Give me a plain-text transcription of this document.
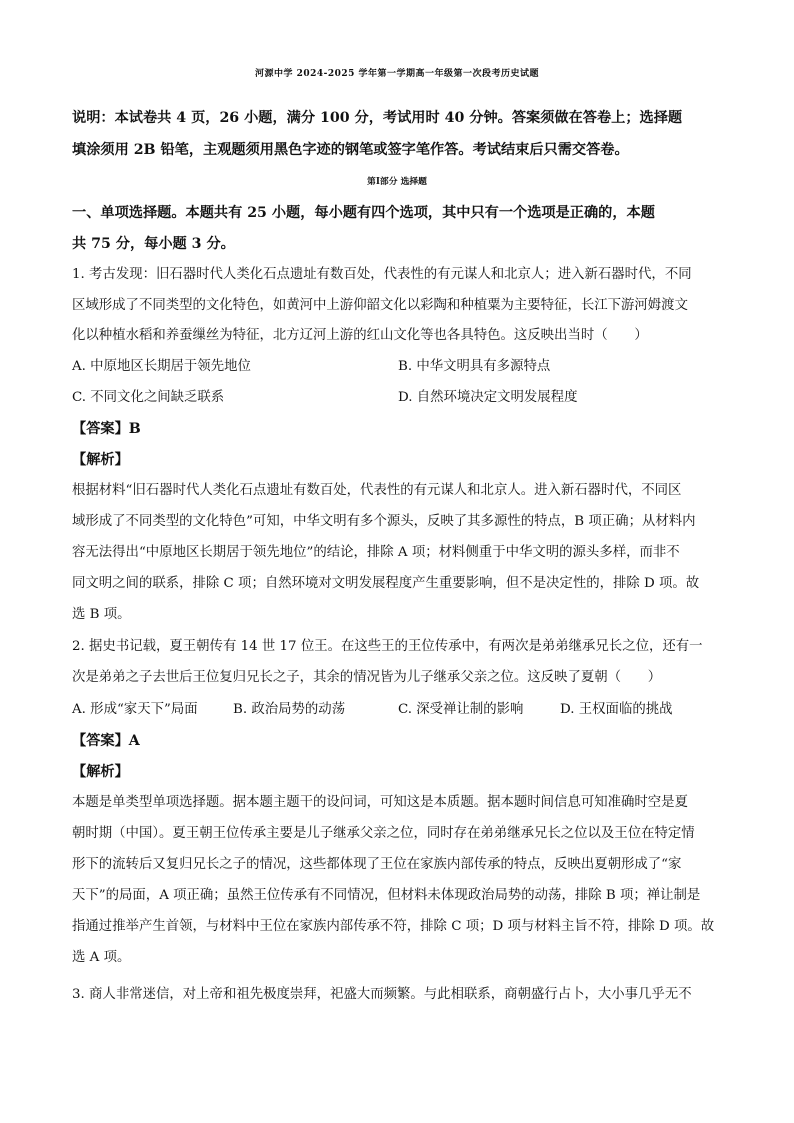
河源中学 2024-2025 学年第一学期高一年级第一次段考历史试题
说明：本试卷共 4 页，26 小题，满分 100 分，考试用时 40 分钟。答案须做在答卷上；选择题
填涂须用 2B 铅笔，主观题须用黑色字迹的钢笔或签字笔作答。考试结束后只需交答卷。
第Ⅰ部分 选择题
一、单项选择题。本题共有 25 小题，每小题有四个选项，其中只有一个选项是正确的，本题
共 75 分，每小题 3 分。
1. 考古发现：旧石器时代人类化石点遗址有数百处，代表性的有元谋人和北京人；进入新石器时代，不同
区域形成了不同类型的文化特色，如黄河中上游仰韶文化以彩陶和种植粟为主要特征，长江下游河姆渡文
化以种植水稻和养蚕缫丝为特征，北方辽河上游的红山文化等也各具特色。这反映出当时（　　）
A. 中原地区长期居于领先地位	B. 中华文明具有多源特点
C. 不同文化之间缺乏联系	D. 自然环境决定文明发展程度
【答案】B
【解析】
根据材料“旧石器时代人类化石点遗址有数百处，代表性的有元谋人和北京人。进入新石器时代，不同区
域形成了不同类型的文化特色”可知，中华文明有多个源头，反映了其多源性的特点，B 项正确；从材料内
容无法得出“中原地区长期居于领先地位”的结论，排除 A 项；材料侧重于中华文明的源头多样，而非不
同文明之间的联系，排除 C 项；自然环境对文明发展程度产生重要影响，但不是决定性的，排除 D 项。故
选 B 项。
2. 据史书记载，夏王朝传有 14 世 17 位王。在这些王的王位传承中，有两次是弟弟继承兄长之位，还有一
次是弟弟之子去世后王位复归兄长之子，其余的情况皆为儿子继承父亲之位。这反映了夏朝（　　）
A. 形成“家天下”局面	B. 政治局势的动荡	C. 深受禅让制的影响	D. 王权面临的挑战
【答案】A
【解析】
本题是单类型单项选择题。据本题主题干的设问词，可知这是本质题。据本题时间信息可知准确时空是夏
朝时期（中国）。夏王朝王位传承主要是儿子继承父亲之位，同时存在弟弟继承兄长之位以及王位在特定情
形下的流转后又复归兄长之子的情况，这些都体现了王位在家族内部传承的特点，反映出夏朝形成了“家
天下”的局面，A 项正确；虽然王位传承有不同情况，但材料未体现政治局势的动荡，排除 B 项；禅让制是
指通过推举产生首领，与材料中王位在家族内部传承不符，排除 C 项；D 项与材料主旨不符，排除 D 项。故
选 A 项。
3. 商人非常迷信，对上帝和祖先极度崇拜，祀盛大而频繁。与此相联系，商朝盛行占卜，大小事几乎无不
